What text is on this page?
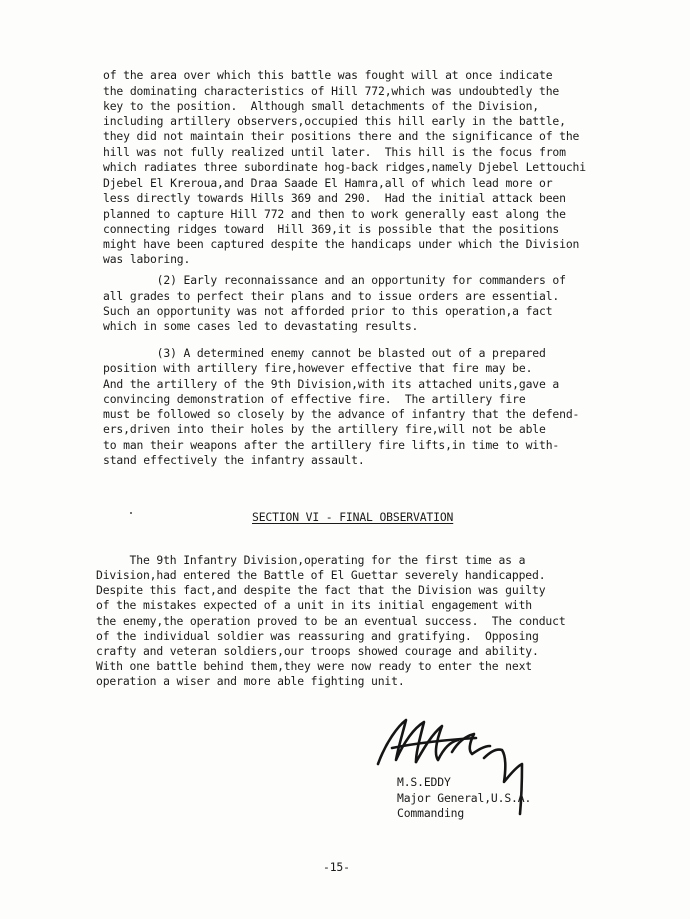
of the area over which this battle was fought will at once indicate
the dominating characteristics of Hill 772,which was undoubtedly the
key to the position.  Although small detachments of the Division,
including artillery observers,occupied this hill early in the battle,
they did not maintain their positions there and the significance of the
hill was not fully realized until later.  This hill is the focus from
which radiates three subordinate hog-back ridges,namely Djebel Lettouchi
Djebel El Kreroua,and Draa Saade El Hamra,all of which lead more or
less directly towards Hills 369 and 290.  Had the initial attack been
planned to capture Hill 772 and then to work generally east along the
connecting ridges toward  Hill 369,it is possible that the positions
might have been captured despite the handicaps under which the Division
was laboring.
(2) Early reconnaissance and an opportunity for commanders of
all grades to perfect their plans and to issue orders are essential.
Such an opportunity was not afforded prior to this operation,a fact
which in some cases led to devastating results.
(3) A determined enemy cannot be blasted out of a prepared
position with artillery fire,however effective that fire may be.
And the artillery of the 9th Division,with its attached units,gave a
convincing demonstration of effective fire.  The artillery fire
must be followed so closely by the advance of infantry that the defend-
ers,driven into their holes by the artillery fire,will not be able
to man their weapons after the artillery fire lifts,in time to with-
stand effectively the infantry assault.
SECTION VI - FINAL OBSERVATION
The 9th Infantry Division,operating for the first time as a
Division,had entered the Battle of El Guettar severely handicapped.
Despite this fact,and despite the fact that the Division was guilty
of the mistakes expected of a unit in its initial engagement with
the enemy,the operation proved to be an eventual success.  The conduct
of the individual soldier was reassuring and gratifying.  Opposing
crafty and veteran soldiers,our troops showed courage and ability.
With one battle behind them,they were now ready to enter the next
operation a wiser and more able fighting unit.
M.S.EDDY
Major General,U.S.A.
Commanding
-15-
